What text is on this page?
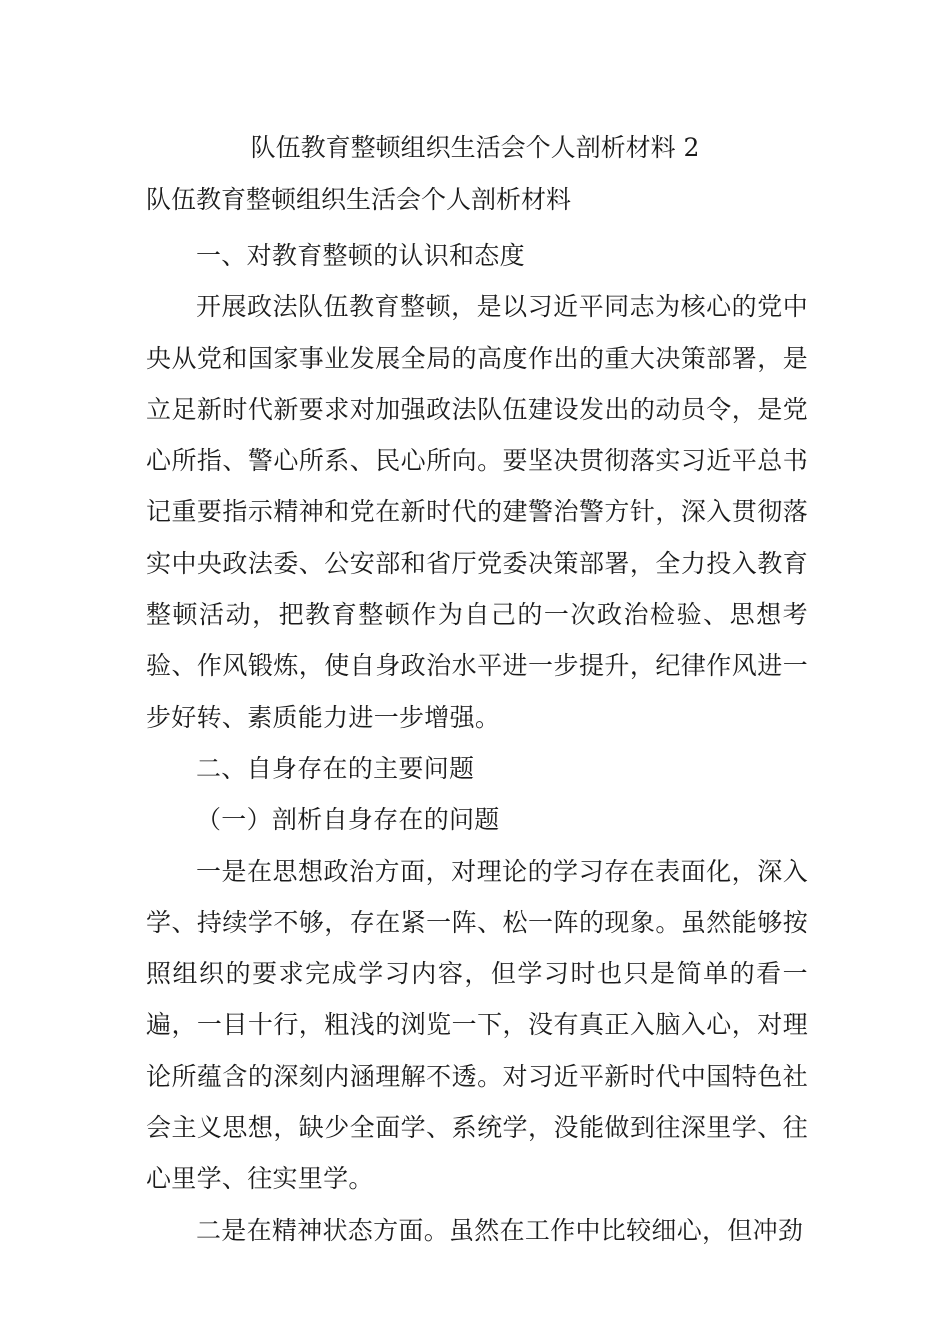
队伍教育整顿组织生活会个人剖析材料 2
队伍教育整顿组织生活会个人剖析材料

一、对教育整顿的认识和态度

开展政法队伍教育整顿，是以习近平同志为核心的党中央从党和国家事业发展全局的高度作出的重大决策部署，是立足新时代新要求对加强政法队伍建设发出的动员令，是党心所指、警心所系、民心所向。要坚决贯彻落实习近平总书记重要指示精神和党在新时代的建警治警方针，深入贯彻落实中央政法委、公安部和省厅党委决策部署，全力投入教育整顿活动，把教育整顿作为自己的一次政治检验、思想考验、作风锻炼，使自身政治水平进一步提升，纪律作风进一步好转、素质能力进一步增强。

二、自身存在的主要问题

（一）剖析自身存在的问题

一是在思想政治方面，对理论的学习存在表面化，深入学、持续学不够，存在紧一阵、松一阵的现象。虽然能够按照组织的要求完成学习内容，但学习时也只是简单的看一遍，一目十行，粗浅的浏览一下，没有真正入脑入心，对理论所蕴含的深刻内涵理解不透。对习近平新时代中国特色社会主义思想，缺少全面学、系统学，没能做到往深里学、往心里学、往实里学。

二是在精神状态方面。虽然在工作中比较细心，但冲劲
